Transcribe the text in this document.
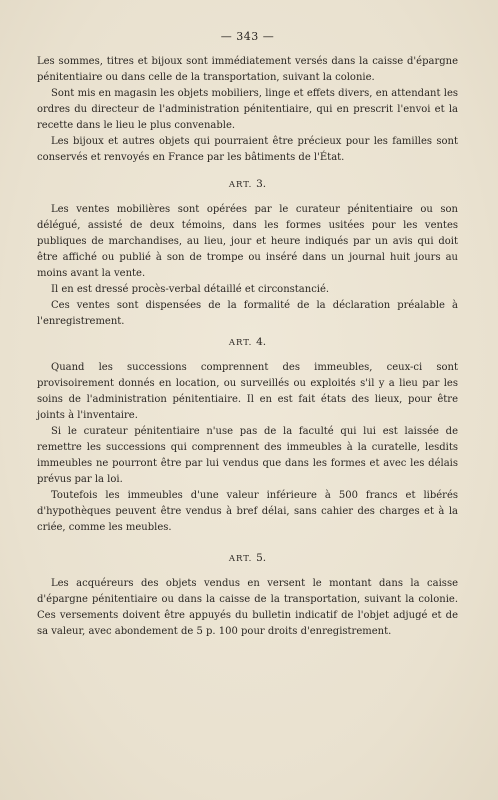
— 343 —

Les sommes, titres et bijoux sont immédiatement versés dans la caisse d'épargne pénitentiaire ou dans celle de la transportation, suivant la colonie.

Sont mis en magasin les objets mobiliers, linge et effets divers, en attendant les ordres du directeur de l'administration pénitentiaire, qui en prescrit l'envoi et la recette dans le lieu le plus convenable.

Les bijoux et autres objets qui pourraient être précieux pour les familles sont conservés et renvoyés en France par les bâtiments de l'État.

ART. 3.

Les ventes mobilières sont opérées par le curateur pénitentiaire ou son délégué, assisté de deux témoins, dans les formes usitées pour les ventes publiques de marchandises, au lieu, jour et heure indiqués par un avis qui doit être affiché ou publié à son de trompe ou inséré dans un journal huit jours au moins avant la vente.

Il en est dressé procès-verbal détaillé et circonstancié.

Ces ventes sont dispensées de la formalité de la déclaration préalable à l'enregistrement.

ART. 4.

Quand les successions comprennent des immeubles, ceux-ci sont provisoirement donnés en location, ou surveillés ou exploités s'il y a lieu par les soins de l'administration pénitentiaire. Il en est fait états des lieux, pour être joints à l'inventaire.

Si le curateur pénitentiaire n'use pas de la faculté qui lui est laissée de remettre les successions qui comprennent des immeubles à la curatelle, lesdits immeubles ne pourront être par lui vendus que dans les formes et avec les délais prévus par la loi.

Toutefois les immeubles d'une valeur inférieure à 500 francs et libérés d'hypothèques peuvent être vendus à bref délai, sans cahier des charges et à la criée, comme les meubles.

ART. 5.

Les acquéreurs des objets vendus en versent le montant dans la caisse d'épargne pénitentiaire ou dans la caisse de la transportation, suivant la colonie. Ces versements doivent être appuyés du bulletin indicatif de l'objet adjugé et de sa valeur, avec abondement de 5 p. 100 pour droits d'enregistrement.
